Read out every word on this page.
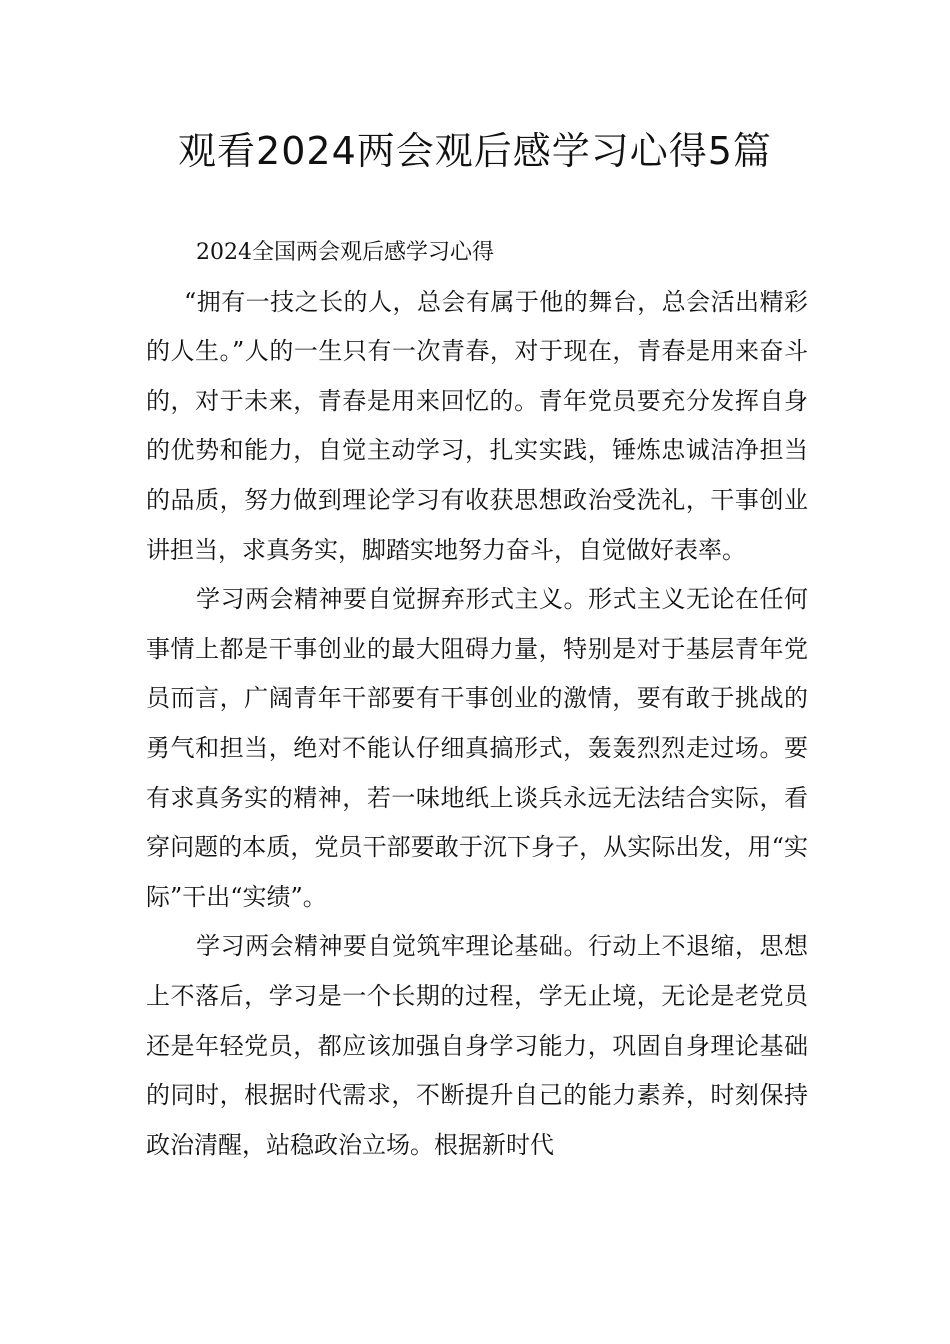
观看2024两会观后感学习心得5篇

2024全国两会观后感学习心得

“拥有一技之长的人，总会有属于他的舞台，总会活出精彩的人生。”人的一生只有一次青春，对于现在，青春是用来奋斗的，对于未来，青春是用来回忆的。青年党员要充分发挥自身的优势和能力，自觉主动学习，扎实实践，锤炼忠诚洁净担当的品质，努力做到理论学习有收获思想政治受洗礼，干事创业讲担当，求真务实，脚踏实地努力奋斗，自觉做好表率。

学习两会精神要自觉摒弃形式主义。形式主义无论在任何事情上都是干事创业的最大阻碍力量，特别是对于基层青年党员而言，广阔青年干部要有干事创业的激情，要有敢于挑战的勇气和担当，绝对不能认仔细真搞形式，轰轰烈烈走过场。要有求真务实的精神，若一味地纸上谈兵永远无法结合实际，看穿问题的本质，党员干部要敢于沉下身子，从实际出发，用“实际”干出“实绩”。

学习两会精神要自觉筑牢理论基础。行动上不退缩，思想上不落后，学习是一个长期的过程，学无止境，无论是老党员还是年轻党员，都应该加强自身学习能力，巩固自身理论基础的同时，根据时代需求，不断提升自己的能力素养，时刻保持政治清醒，站稳政治立场。根据新时代
